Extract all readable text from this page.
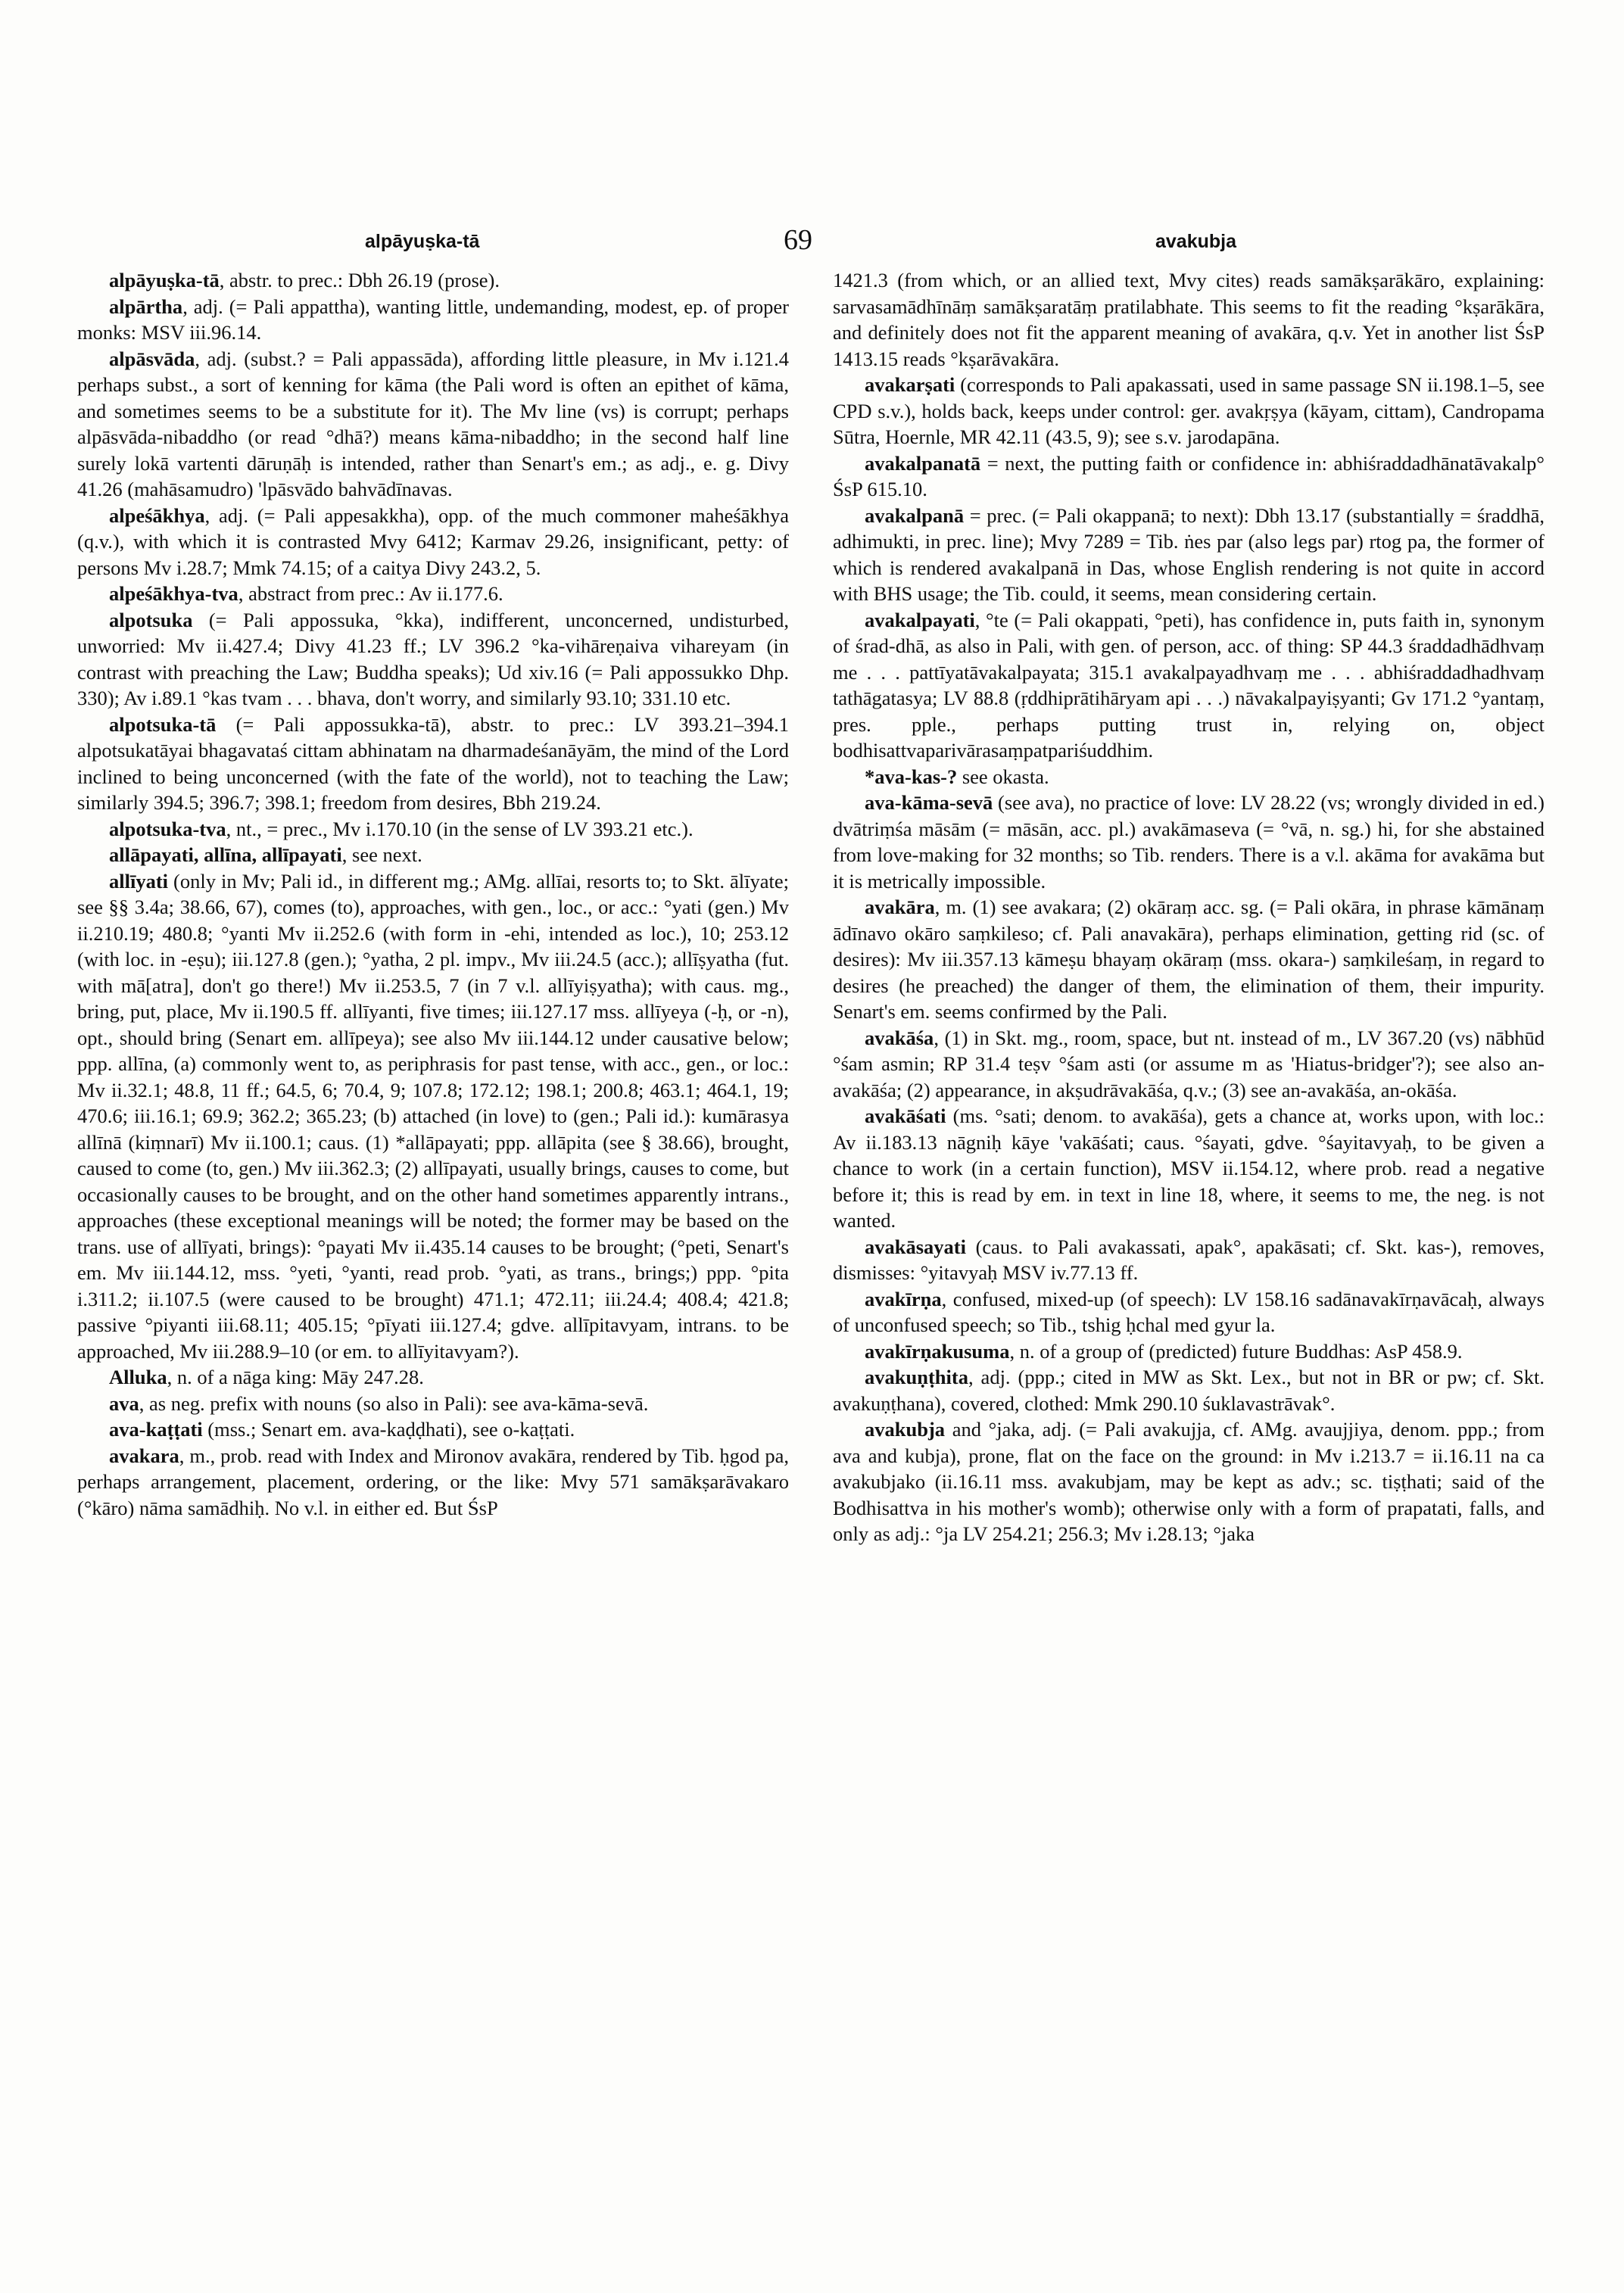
alpāyuṣka-tā	69	avakubja

alpāyuṣka-tā, abstr. to prec.: Dbh 26.19 (prose).

alpārtha, adj. (= Pali appattha), wanting little, undemanding, modest, ep. of proper monks: MSV iii.96.14.

alpāsvāda, adj. (subst.? = Pali appassāda), affording little pleasure, in Mv i.121.4 perhaps subst., a sort of kenning for kāma (the Pali word is often an epithet of kāma, and sometimes seems to be a substitute for it). The Mv line (vs) is corrupt; perhaps alpāsvāda-nibaddho (or read °dhā?) means kāma-nibaddho; in the second half line surely lokā vartenti dāruṇāḥ is intended, rather than Senart's em.; as adj., e. g. Divy 41.26 (mahāsamudro) 'lpāsvādo bahvādīnavas.

alpeśākhya, adj. (= Pali appesakkha), opp. of the much commoner maheśākhya (q.v.), with which it is contrasted Mvy 6412; Karmav 29.26, insignificant, petty: of persons Mv i.28.7; Mmk 74.15; of a caitya Divy 243.2, 5.

alpeśākhya-tva, abstract from prec.: Av ii.177.6.

alpotsuka (= Pali appossuka, °kka), indifferent, unconcerned, undisturbed, unworried: Mv ii.427.4; Divy 41.23 ff.; LV 396.2 °ka-vihāreṇaiva vihareyam (in contrast with preaching the Law; Buddha speaks); Ud xiv.16 (= Pali appossukko Dhp. 330); Av i.89.1 °kas tvam . . . bhava, don't worry, and similarly 93.10; 331.10 etc.

alpotsuka-tā (= Pali appossukka-tā), abstr. to prec.: LV 393.21–394.1 alpotsukatāyai bhagavataś cittam abhinatam na dharmadeśanāyām, the mind of the Lord inclined to being unconcerned (with the fate of the world), not to teaching the Law; similarly 394.5; 396.7; 398.1; freedom from desires, Bbh 219.24.

alpotsuka-tva, nt., = prec., Mv i.170.10 (in the sense of LV 393.21 etc.).

allāpayati, allīna, allīpayati, see next.

allīyati (only in Mv; Pali id., in different mg.; AMg. allīai, resorts to; to Skt. ālīyate; see §§ 3.4a; 38.66, 67), comes (to), approaches, with gen., loc., or acc.: °yati (gen.) Mv ii.210.19; 480.8; °yanti Mv ii.252.6 (with form in -ehi, intended as loc.), 10; 253.12 (with loc. in -eṣu); iii.127.8 (gen.); °yatha, 2 pl. impv., Mv iii.24.5 (acc.); allīṣyatha (fut. with mā[atra], don't go there!) Mv ii.253.5, 7 (in 7 v.l. allīyiṣyatha); with caus. mg., bring, put, place, Mv ii.190.5 ff. allīyanti, five times; iii.127.17 mss. allīyeya (-ḥ, or -n), opt., should bring (Senart em. allīpeya); see also Mv iii.144.12 under causative below; ppp. allīna, (a) commonly went to, as periphrasis for past tense, with acc., gen., or loc.: Mv ii.32.1; 48.8, 11 ff.; 64.5, 6; 70.4, 9; 107.8; 172.12; 198.1; 200.8; 463.1; 464.1, 19; 470.6; iii.16.1; 69.9; 362.2; 365.23; (b) attached (in love) to (gen.; Pali id.): kumārasya allīnā (kiṃnarī) Mv ii.100.1; caus. (1) *allāpayati; ppp. allāpita (see § 38.66), brought, caused to come (to, gen.) Mv iii.362.3; (2) allīpayati, usually brings, causes to come, but occasionally causes to be brought, and on the other hand sometimes apparently intrans., approaches (these exceptional meanings will be noted; the former may be based on the trans. use of allīyati, brings): °payati Mv ii.435.14 causes to be brought; (°peti, Senart's em. Mv iii.144.12, mss. °yeti, °yanti, read prob. °yati, as trans., brings;) ppp. °pita i.311.2; ii.107.5 (were caused to be brought) 471.1; 472.11; iii.24.4; 408.4; 421.8; passive °piyanti iii.68.11; 405.15; °pīyati iii.127.4; gdve. allīpitavyam, intrans. to be approached, Mv iii.288.9–10 (or em. to allīyitavyam?).

Alluka, n. of a nāga king: Māy 247.28.

ava, as neg. prefix with nouns (so also in Pali): see ava-kāma-sevā.

ava-kaṭṭati (mss.; Senart em. ava-kaḍḍhati), see o-kaṭṭati.

avakara, m., prob. read with Index and Mironov avakāra, rendered by Tib. ḥgod pa, perhaps arrangement, placement, ordering, or the like: Mvy 571 samākṣarāvakaro (°kāro) nāma samādhiḥ. No v.l. in either ed. But ŚsP

1421.3 (from which, or an allied text, Mvy cites) reads samākṣarākāro, explaining: sarvasamādhīnāṃ samākṣaratāṃ pratilabhate. This seems to fit the reading °kṣarākāra, and definitely does not fit the apparent meaning of avakāra, q.v. Yet in another list ŚsP 1413.15 reads °kṣarāvakāra.

avakarṣati (corresponds to Pali apakassati, used in same passage SN ii.198.1–5, see CPD s.v.), holds back, keeps under control: ger. avakṛṣya (kāyam, cittam), Candropama Sūtra, Hoernle, MR 42.11 (43.5, 9); see s.v. jarodapāna.

avakalpanatā = next, the putting faith or confidence in: abhiśraddadhānatāvakalp° ŚsP 615.10.

avakalpanā = prec. (= Pali okappanā; to next): Dbh 13.17 (substantially = śraddhā, adhimukti, in prec. line); Mvy 7289 = Tib. ṅes par (also legs par) rtog pa, the former of which is rendered avakalpanā in Das, whose English rendering is not quite in accord with BHS usage; the Tib. could, it seems, mean considering certain.

avakalpayati, °te (= Pali okappati, °peti), has confidence in, puts faith in, synonym of śrad-dhā, as also in Pali, with gen. of person, acc. of thing: SP 44.3 śraddadhādhvaṃ me . . . pattīyatāvakalpayata; 315.1 avakalpayadhvaṃ me . . . abhiśraddadhadhvaṃ tathāgatasya; LV 88.8 (ṛddhiprātihāryam api . . .) nāvakalpayiṣyanti; Gv 171.2 °yantaṃ, pres. pple., perhaps putting trust in, relying on, object bodhisattvaparivārasaṃpatpariśuddhim.

*ava-kas-? see okasta.

ava-kāma-sevā (see ava), no practice of love: LV 28.22 (vs; wrongly divided in ed.) dvātriṃśa māsām (= māsān, acc. pl.) avakāmaseva (= °vā, n. sg.) hi, for she abstained from love-making for 32 months; so Tib. renders. There is a v.l. akāma for avakāma but it is metrically impossible.

avakāra, m. (1) see avakara; (2) okāraṃ acc. sg. (= Pali okāra, in phrase kāmānaṃ ādīnavo okāro saṃkileso; cf. Pali anavakāra), perhaps elimination, getting rid (sc. of desires): Mv iii.357.13 kāmeṣu bhayaṃ okāraṃ (mss. okara-) saṃkileśaṃ, in regard to desires (he preached) the danger of them, the elimination of them, their impurity. Senart's em. seems confirmed by the Pali.

avakāśa, (1) in Skt. mg., room, space, but nt. instead of m., LV 367.20 (vs) nābhūd °śam asmin; RP 31.4 teṣv °śam asti (or assume m as 'Hiatus-bridger'?); see also an-avakāśa; (2) appearance, in akṣudrāvakāśa, q.v.; (3) see an-avakāśa, an-okāśa.

avakāśati (ms. °sati; denom. to avakāśa), gets a chance at, works upon, with loc.: Av ii.183.13 nāgniḥ kāye 'vakāśati; caus. °śayati, gdve. °śayitavyaḥ, to be given a chance to work (in a certain function), MSV ii.154.12, where prob. read a negative before it; this is read by em. in text in line 18, where, it seems to me, the neg. is not wanted.

avakāsayati (caus. to Pali avakassati, apak°, apakāsati; cf. Skt. kas-), removes, dismisses: °yitavyaḥ MSV iv.77.13 ff.

avakīrṇa, confused, mixed-up (of speech): LV 158.16 sadānavakīrṇavācaḥ, always of unconfused speech; so Tib., tshig ḥchal med gyur la.

avakīrṇakusuma, n. of a group of (predicted) future Buddhas: AsP 458.9.

avakuṇṭhita, adj. (ppp.; cited in MW as Skt. Lex., but not in BR or pw; cf. Skt. avakuṇṭhana), covered, clothed: Mmk 290.10 śuklavastrāvak°.

avakubja and °jaka, adj. (= Pali avakujja, cf. AMg. avaujjiya, denom. ppp.; from ava and kubja), prone, flat on the face on the ground: in Mv i.213.7 = ii.16.11 na ca avakubjako (ii.16.11 mss. avakubjam, may be kept as adv.; sc. tiṣṭhati; said of the Bodhisattva in his mother's womb); otherwise only with a form of prapatati, falls, and only as adj.: °ja LV 254.21; 256.3; Mv i.28.13; °jaka
